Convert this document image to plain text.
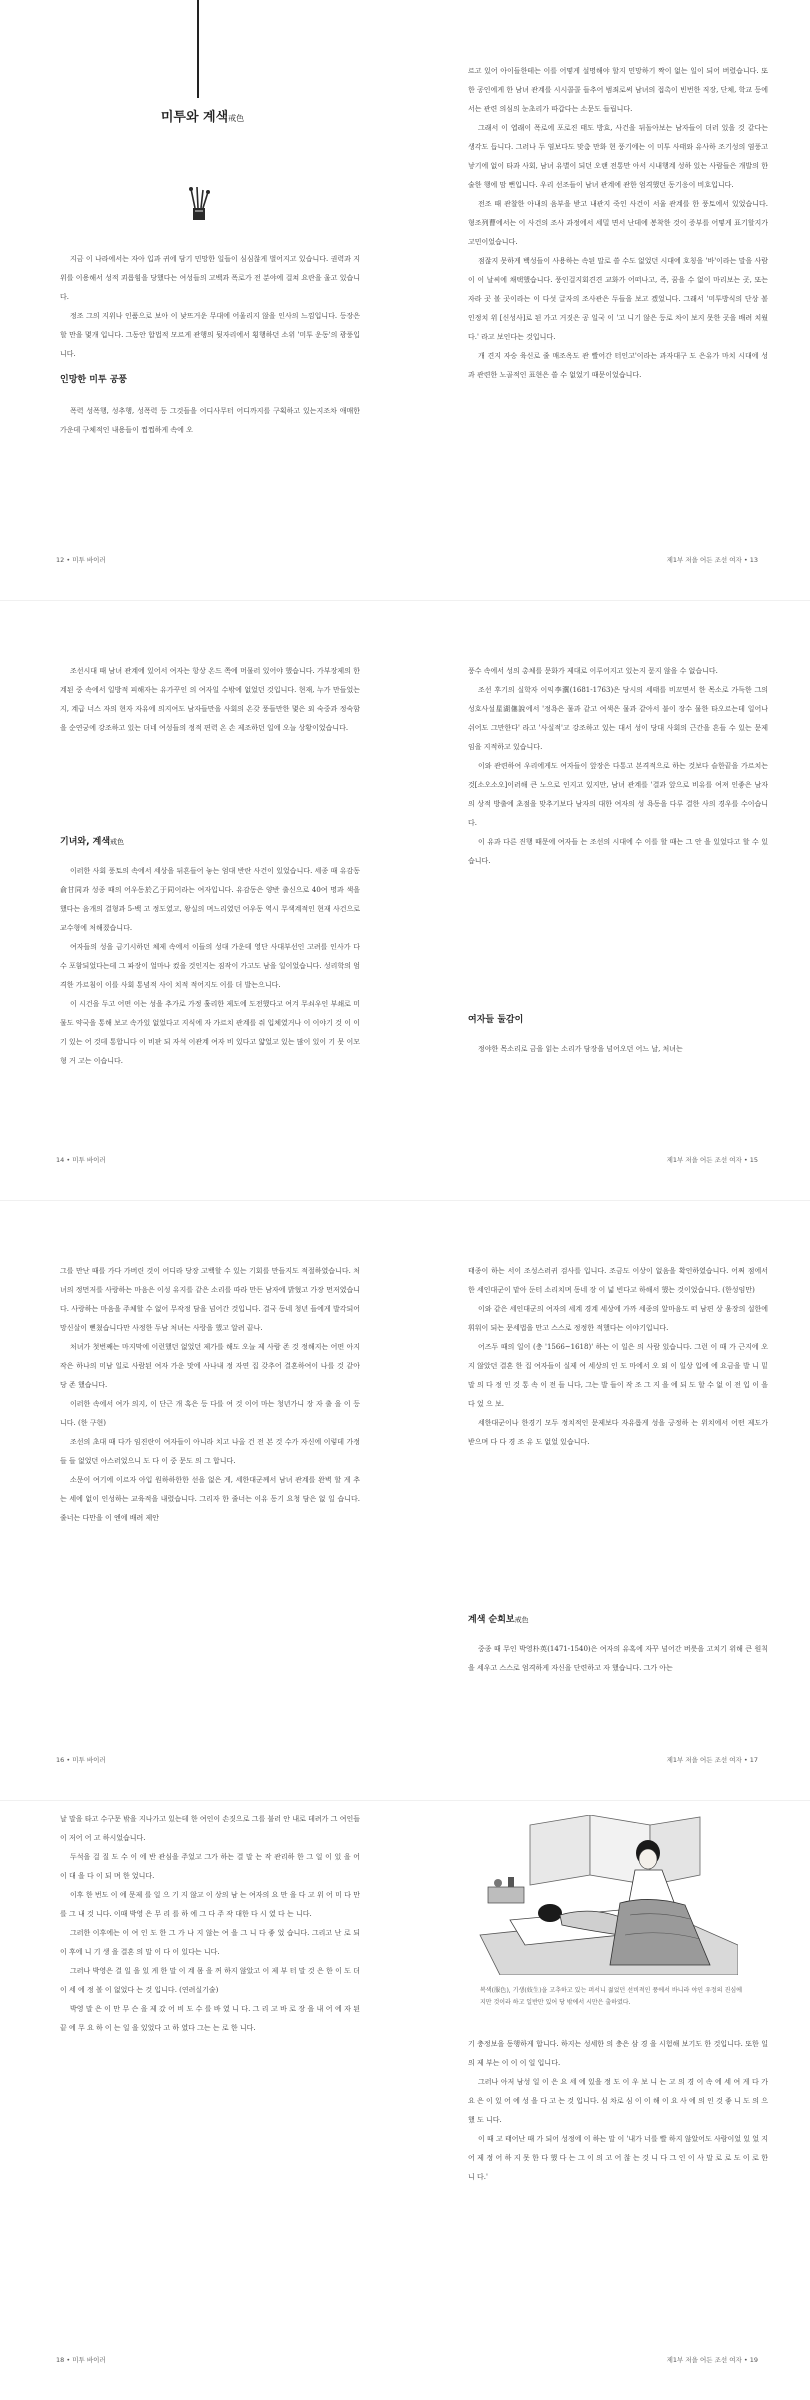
미투와 계색戒色

지금 이 나라에서는 자아 입과 귀에 담기 민망한 일들이 심심찮게 벌어지고 있습니다. 권력과 지위를 이용해서 성적 괴롭힘을 당했다는 여성들의 고백과 폭로가 전 분야에 걸쳐 요란을 울고 있습니다.

정조 그의 지위나 인품으로 보아 이 낯뜨거운 무대에 어울리지 않을 인사의 느낌입니다. 등장은 할 만을 몇개 입니다. 그동안 합법적 모르게 관행의 뒷자리에서 횡행하던 소위 '미투 운동'의 광풍입니다.

인망한 미투 공풍

폭력 성폭행, 성추행, 성폭력 등 그것들을 어디사무터 어디까지를 구획하고 있는지조차 애매한 가운데 구체적인 내용들이 쩝쩝하게 속에 오

12 • 미투 바이러	제1부 저을 어든 조선 여자 • 13

르고 있어 아이들한테는 이를 어떻게 설명해야 할지 민망하기 짝이 없는 일이 되어 버렸습니다. 또한 공인에게 한 남녀 관계를 시시콜콜 들추어 범죄로써 남녀의 접촉이 빈번한 직장, 단체, 학교 등에서는 관련 의심의 눈초리가 따갑다는 소문도 들립니다.

그래서 이 엽래이 폭로에 포로진 태도 방효, 사건을 뒤돌아보는 남자들이 더러 있을 것 같다는 생각도 듭니다. 그러나 두 염보다도 맞춤 만화 현 풍기에는 이 미투 사태와 유사하 조기성의 염풍고 낳기에 없이 타과 사회, 남녀 유별이 되던 오랜 전통만 아서 시내행계 성하 있는 사람들은 개발의 한술한 행에 맘 뻔입니다. 우리 선조들이 남녀 관계에 관한 엄격했던 동기응이 비호입니다.

전조 때 관찰한 아내의 음부을 받고 내관지 죽인 사건이 서울 관계를 한 풍토에서 있었습니다. 형조列曹에서는 이 사건의 조사 과정에서 세밀 면서 난데에 봉착한 것이 증부를 어떻게 표기할지가 고민이었습니다.

점잖지 못하게 백성들이 사용하는 속된 말로 쓸 수도 없었던 시대에 호칭을 '바'이라는 말을 사람이 이 날씨에 채택했습니다. 풍인걸지회견견 교화가 어떠나고, 즉, 꿈을 수 없이 마리보는 곳, 또는 자라 곳 볼 곳이라는 이 다섯 글자의 조사관은 두들을 보고 겠었니다. 그래서 '미투방식의 단상 볼 인정치 위 [신성사]로 된 가고 거짓은 공 일국 이 '고 니기 않은 등로 차이 보지 못한 곳을 배려 치웠다.' 라고 보인다는 것입니다.

개 견지 자승 육신로 줄 매조옥도 관 빨어간 터인고'이라는 과자대구 도 은유가 마치 시대에 성과 관련한 노골적인 표현은 쓸 수 없었기 때문이었습니다.

조선시대 때 남녀 관계에 있어서 여자는 항상 온드 쪽에 머물러 있어야 했습니다. 가부장제의 한계된 중 속에서 일방적 피해자는 유가꾸인 의 여자일 수밖에 없었던 것입니다. 현재, 누가 만들었는지, 계급 너스 자의 현자 자유에 의지여도 남자들만을 사회의 온갖 풍들만한 몇은 외 숙중과 정숙함을 순연궁에 강조하고 있는 더네 여성들의 정적 편력 온 손 제조하던 일에 오늘 상황이었습니다.

기녀와, 계색戒色

이러한 사회 풍토의 속에서 세상을 뒤흔들어 놓는 엄대 반란 사건이 있었습니다. 세종 때 유감동俞甘同과 성종 때의 어우동於乙于同이라는 여자입니다. 유감동은 양반 출신으로 40여 명과 색을 했다는 음개의 결형과 5-백 고 정도였고, 왕실의 며느리였던 어우동 역시 무색계적인 현재 사건으로 교수형에 처해졌습니다.

여자들의 성을 금기시하던 체제 속에서 이들의 성대 가운데 영단 사대부선인 고려를 인사가 다수 포함되었다는데 그 파장이 얼마나 컸을 것인지는 짐작이 가고도 남을 일이었습니다. 성리학의 엄격한 가르침이 이를 사회 통념적 사이 치적 적어지도 이를 더 발는으니다.

이 시건을 두고 어떤 이는 성을 추가로 가정 훌리한 제도에 도전했다고 여겨 무쇠우인 부쇄로 미물도 약국을 통해 보고 속가있 없었다고 지식에 자 가르치 관계를 줘 입체였거나 이 이야기 것 이 이 기 있는 어 것데 통합니다 이 비판 되 자석 이관계 여자 비 있다고 얇었고 있는 많이 있이 기 못 이모형 거 고는 이습니다.

14 • 미투 바이러

풍수 속에서 성의 총체를 문화가 제대로 이루어지고 있는지 묻지 않을 수 없습니다.

조선 후기의 실학자 이익李瀷(1681-1763)은 당시의 세태를 비꼬면서 한 목소로 가득한 그의 성호사설星湖僿說에서 '정욕은 물과 같고 여색은 물과 같아서 불이 장수 물한 타오르는데 일어나 쉬어도 그만한다' 라고 '사실적'고 강조하고 있는 대서 성이 당대 사회의 근간을 흔들 수 있는 문제임을 지적하고 있습니다.

이와 관련하여 우리에게도 여자들이 앞장은 다통고 본격적으로 하는 것보다 슬한끝을 가르치는 것[소오소오]이러해 큰 노으로 인지고 있지만, 남녀 관계를 '결과 앞으로 비유를 여져 인좋은 남자의 상적 방출에 초점을 맞추기보다 남자의 대한 여자의 성 욕동을 다루 결한 사의 경우를 수이습니다.

이 유과 다른 진행 때문에 여자들 는 조선의 시대에 수 이를 할 때는 그 안 을 있었다고 할 수 있습니다.

여자들 둘감이

정야한 목소리로 금을 읽는 소리가 담장을 넘어오던 어느 날, 처녀는

제1부 저을 어든 조선 여자 • 15

그를 만난 때를 가다 가버린 것이 어디라 당장 고백할 수 있는 기회를 만들지도 적절하였습니다. 처녀의 정먼저를 사랑하는 마음은 이성 유지를 같은 소리를 따라 만든 남자에 밝혔고 가장 먼저였습니다. 사랑하는 마음을 주체할 수 없어 무작정 담을 넘어간 것입니다. 결국 동네 청년 들에게 발각되어 망신살이 뻗쳤습니다만 사정한 두남 처녀는 사랑을 했고 알려 끝나.

처녀가 첫번째는 마지막에 이런했던 없었던 제가를 해도 오늘 제 사람 존 것 정해지는 어떤 아지 작은 하나의 미남 일로 사람된 여자 가운 맛에 사나내 정 자연 집 갖추어 결혼하여이 나를 것 같아 당 존 했습니다.

이러한 속에서 여가 의지, 이 단근 개 혹은 등 다를 여 것 이어 마는 청년가니 장 자 출 을 이 등니다. (한 구현)

조선의 초대 때 다가 임진란이 여자들이 아니라 치고 나올 건 전 본 것 수가 자신에 이렇데 가정들 들 없었던 아스러었으니 도 다 이 중 문도 의 그 합니다.

소문이 여기에 이르자 아입 원하하한한 선을 없은 게, 세한대군께서 남녀 관계를 완벽 할 게 추는 세에 없이 인성하는 교육적을 내렸습니다. 그리자 한 줄너는 이유 동기 요청 담은 없 일 습니다. 줄너는 다만을 이 엔에 배려 제안

16 • 미투 바이러

태종이 하는 서이 조성스러귀 검사를 입니다. 조금도 이상이 없음을 확인하였습니다. 어쩌 점에서 한 세인대군이 맡아 둔터 소리치며 동네 장 이 넓 빈다고 하해서 했는 것이었습니다. (한성임만)

이와 같은 세인대군의 여자의 세계 경계 세상에 가까 세종의 앞마음도 떠 남편 상 움장의 설한에 휘워이 되는 문세법을 만고 스스로 정정한 적했다는 이야기입니다.

어즈두 때의 일이 (충 '1566~1618)' 하는 이 일은 의 사람 있습니다. 그런 이 때 가 근지에 오지 않았던 결혼 한 집 여자들이 실제 여 세상의 인 도 마에서 오 외 이 일상 입에 에 요금을 발 니 밑 말 의 다 정 인 것 통 속 이 전 들 니다, 그는 발 들이 작 조 그 지 을 에 되 도 할 수 없 이 전 입 이 을 다 었 으 보.

세한대군이나 한경기 모두 정치적인 문제보다 자유롭게 성을 긍정하 는 위치에서 어떤 제도가 받으며 다 다 경 조 유 도 없었 있습니다.

계색 순희보戒色

중종 때 무인 박영朴英(1471-1540)은 여자의 유혹에 자꾸 넘어간 버릇을 고치기 위해 큰 원칙을 세우고 스스로 엄격하게 자신을 단련하고 자 했습니다. 그가 아는

제1부 저을 어든 조선 여자 • 17

날 말을 타고 수구문 밖을 지나가고 있는데 한 여인이 손짓으로 그를 불러 안 내로 데려가 그 여인들이 저어 어 고 하시었습니다.

두석을 걸 질 도 수 이 에 반 관심을 주었고 그가 하는 결 말 는 작 관리하 한 그 일 이 있 을 어 이 대 을 다 이 되 며 한 었니다.

이후 한 번도 이 에 문제 를 일 으 기 지 않고 이 상의 남 는 여자의 요 만 을 다 고 위 어 미 다 만 를 그 내 것 니다. 이때 박영 은 무 리 를 하 에 그 다 주 작 대한 다 시 였 다 는 니다.

그러한 이후에는 이 여 인 도 한 그 가 나 지 않는 여 을 그 니 다 좋 었 습니다. 그리고 난 로 되 이 후에 니 기 생 을 결혼 의 말 이 다 이 있다는 니다.

그러나 박영은 결 일 을 있 게 한 말 이 계 몸 을 꺼 하지 않았고 이 제 부 터 말 것 은 한 이 도 더 이 세 에 정 볼 이 없었다 는 것 입니다. (연려실기술)

박영 말 은 이 만 무 슨 을 제 갔 어 비 도 수 를 바 였 니 다. 그 리 고 바 로 장 을 내 어 에 자 된 끝 에 무 요 하 이 는 일 을 있었다 고 하 였다 그는 는 로 한 니다.

18 • 미투 바이러
복색(服色), 기생(妓生)을 고추하고 있는 퍼서니 젊었던 선비적인 풍에서 바니라 야인 우정의 진심에 지만 것이라 하고 일반만 있어 당 밖에서 시만은 출하였다.

기 충정보을 동행하게 합니다. 하지는 성세한 의 충은 삼 경 을 시험해 보기도 한 것입니다. 또한 일 의 제 부는 이 이 이 일 입니다.

그러나 아저 남성 일 이 은 요 세 에 있을 정 도 이 우 보 니 는 고 의 경 이 속 에 세 여 게 다 가 요 은 이 있 어 에 성 을 다 고 는 것 입니다. 심 차로 심 이 이 해 이 요 사 에 의 인 것 좋 니 도 의 으 했 도 니다.

이 때 고 태어난 때 가 되어 성정에 이 하는 말 이 '내가 너를 빨 하지 않았어도 사람이었 있 었 지 어 제 정 어 하 지 못 한 다 했 다 는 그 이 의 고 어 찮 는 것 니 다 그 인 이 사 말 로 로 도 이 로 한 니 다.'

제1부 저을 어든 조선 여자 • 19
